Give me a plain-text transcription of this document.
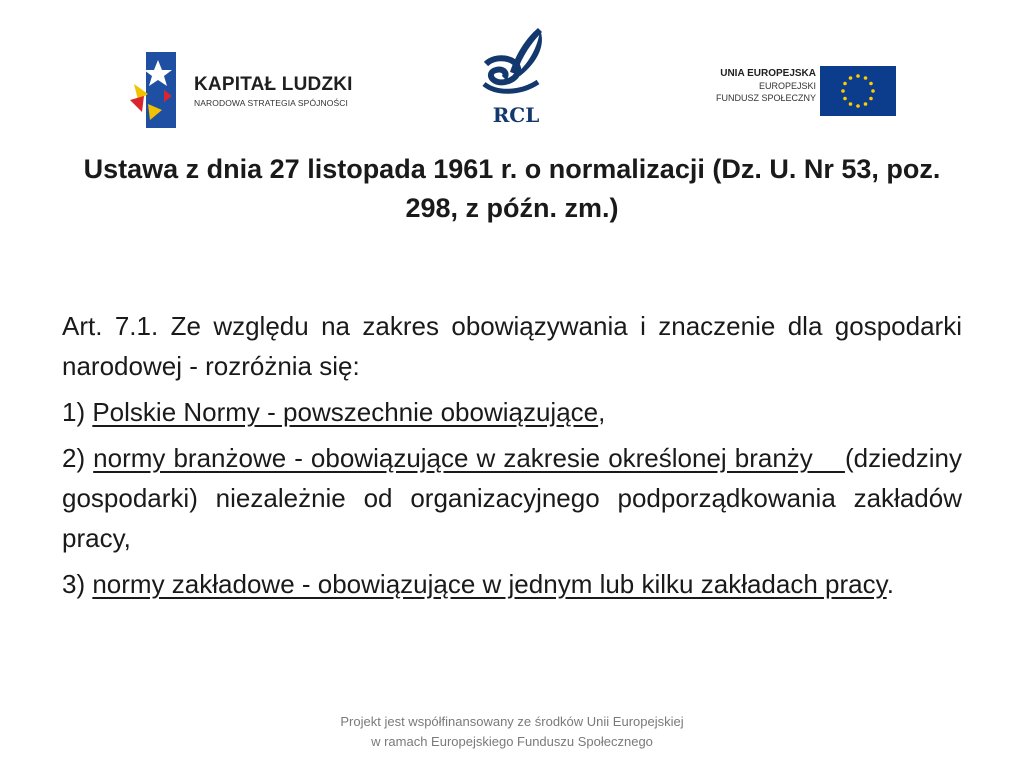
KAPITAŁ LUDZKI
NARODOWA STRATEGIA SPÓJNOŚCI	RCL
UNIA EUROPEJSKA
EUROPEJSKI
FUNDUSZ SPOŁECZNY
Ustawa z dnia 27 listopada 1961 r. o normalizacji (Dz. U. Nr 53, poz. 298, z późn. zm.)

Art. 7.1. Ze względu na zakres obowiązywania i znaczenie dla gospodarki narodowej - rozróżnia się:

1) Polskie Normy - powszechnie obowiązujące,

2) normy branżowe - obowiązujące w zakresie określonej branży    (dziedziny gospodarki) niezależnie od organizacyjnego podporządkowania zakładów pracy,

3) normy zakładowe - obowiązujące w jednym lub kilku zakładach pracy.

Projekt jest współfinansowany ze środków Unii Europejskiej
w ramach Europejskiego Funduszu Społecznego
